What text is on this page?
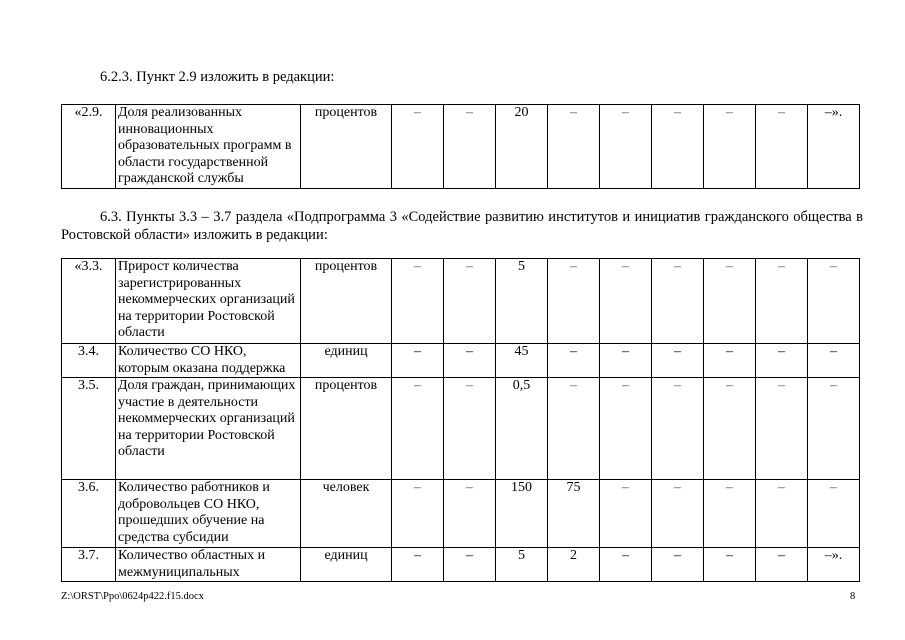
6.2.3. Пункт 2.9 изложить в редакции:
«2.9.	Доля реализованных инновационных образовательных программ в области государственной гражданской службы	процентов	–	–	20	–	–	–	–	–	–».
6.3. Пункты 3.3 – 3.7 раздела «Подпрограмма 3 «Содействие развитию институтов и инициатив гражданского общества в Ростовской области» изложить в редакции:
«3.3.	Прирост количества зарегистрированных некоммерческих организаций на территории Ростовской области	процентов	–	–	5	–	–	–	–	–	–
3.4.	Количество СО НКО, которым оказана поддержка	единиц	–	–	45	–	–	–	–	–	–
3.5.	Доля граждан, принимающих участие в деятельности некоммерческих организаций на территории Ростовской области	процентов	–	–	0,5	–	–	–	–	–	–
3.6.	Количество работников и добровольцев СО НКО, прошедших обучение на средства субсидии	человек	–	–	150	75	–	–	–	–	–
3.7.	Количество областных и межмуниципальных	единиц	–	–	5	2	–	–	–	–	–».
Z:\ORST\Ppo\0624p422.f15.docx	8
